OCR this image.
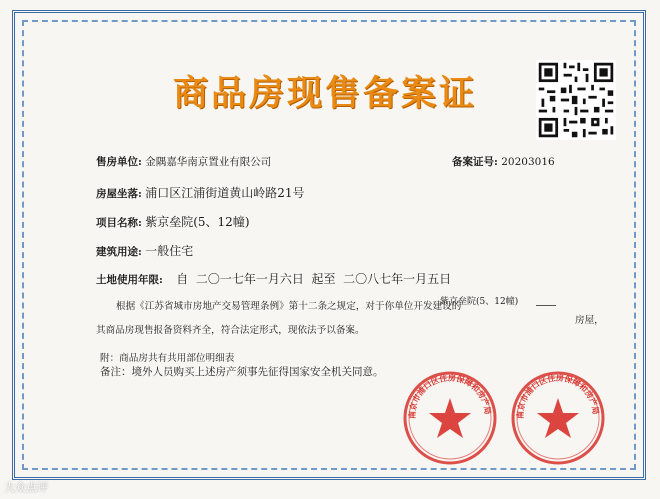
商品房现售备案证
售房单位: 金隅嘉华南京置业有限公司	备案证号: 20203016
房屋坐落: 浦口区江浦街道黄山岭路21号
项目名称: 紫京垒院(5、12幢)
建筑用途: 一般住宅
土地使用年限: 自  二〇一七年一月六日  起至  二〇八七年一月五日
根据《江苏省城市房地产交易管理条例》第十二条之规定，对于你单位开发建设的
紫京垒院(5、12幢)
房屋，
其商品房现售报备资料齐全，符合法定形式，现依法予以备案。
附：商品房共有共用部位明细表
备注：境外人员购买上述房产须事先征得国家安全机关同意。
南京市浦口区住房保障和房产局
南京市浦口区住房保障和房产局
大众点评
